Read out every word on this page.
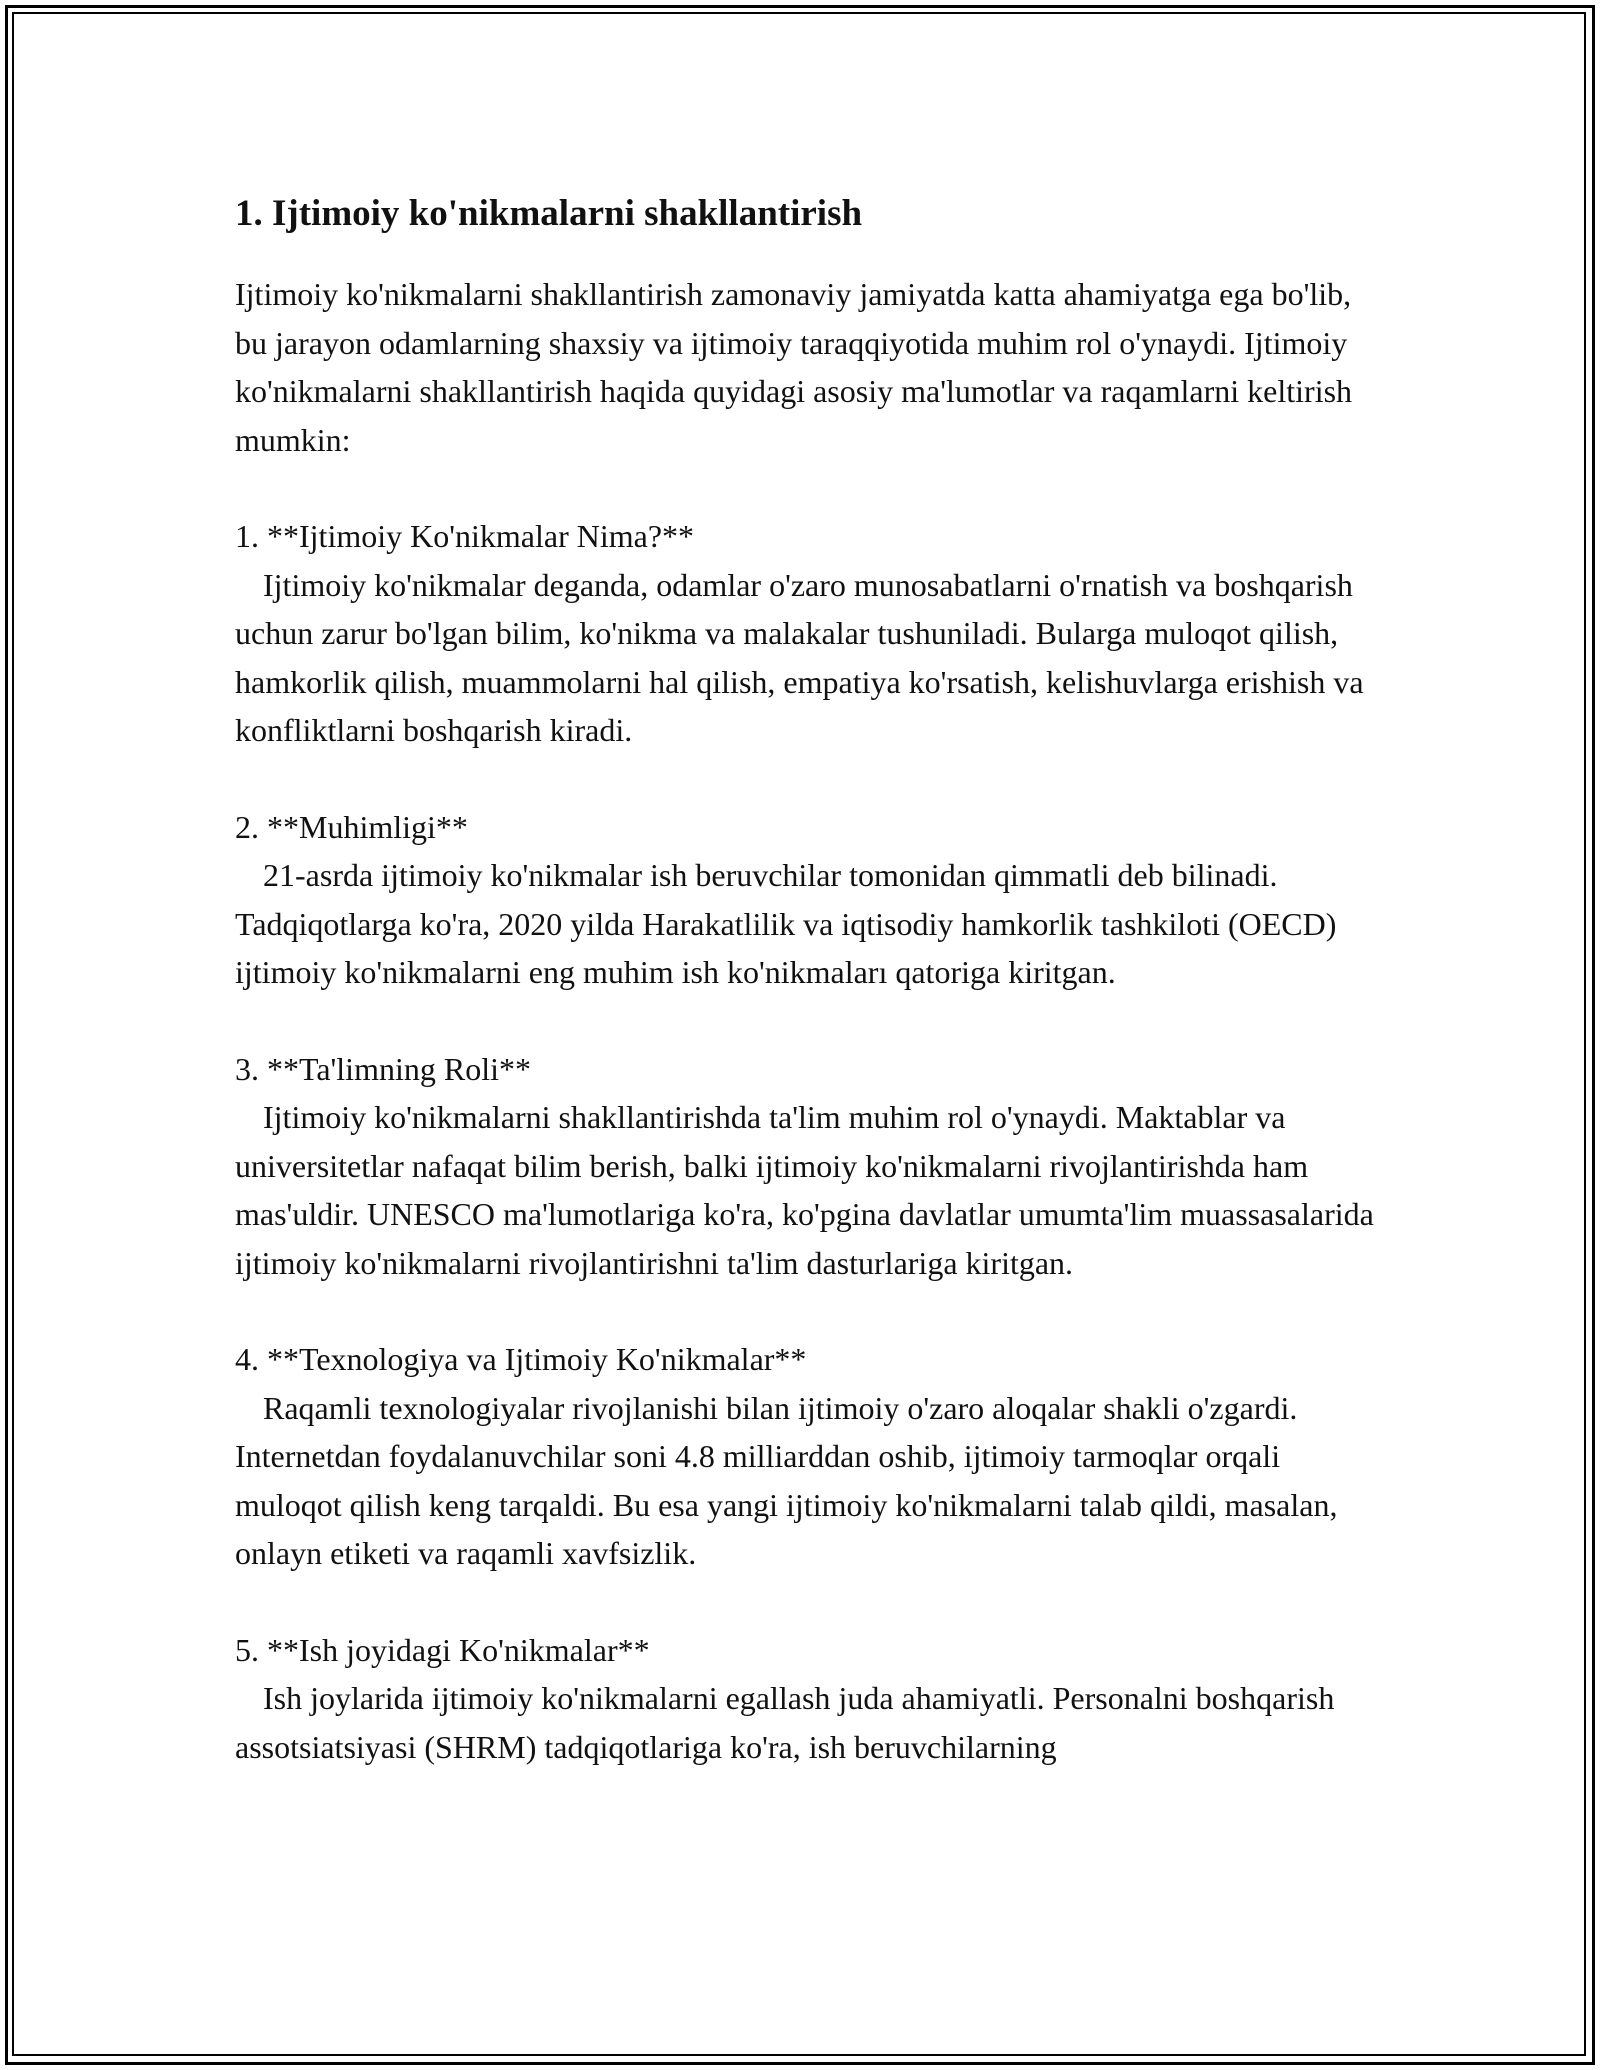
1. Ijtimoiy ko'nikmalarni shakllantirish

Ijtimoiy ko'nikmalarni shakllantirish zamonaviy jamiyatda katta ahamiyatga ega bo'lib, bu jarayon odamlarning shaxsiy va ijtimoiy taraqqiyotida muhim rol o'ynaydi. Ijtimoiy ko'nikmalarni shakllantirish haqida quyidagi asosiy ma'lumotlar va raqamlarni keltirish mumkin:

1. **Ijtimoiy Ko'nikmalar Nima?**

Ijtimoiy ko'nikmalar deganda, odamlar o'zaro munosabatlarni o'rnatish va boshqarish uchun zarur bo'lgan bilim, ko'nikma va malakalar tushuniladi. Bularga muloqot qilish, hamkorlik qilish, muammolarni hal qilish, empatiya ko'rsatish, kelishuvlarga erishish va konfliktlarni boshqarish kiradi.

2. **Muhimligi**

21-asrda ijtimoiy ko'nikmalar ish beruvchilar tomonidan qimmatli deb bilinadi. Tadqiqotlarga ko'ra, 2020 yilda Harakatlilik va iqtisodiy hamkorlik tashkiloti (OECD) ijtimoiy ko'nikmalarni eng muhim ish ko'nikmaları qatoriga kiritgan.

3. **Ta'limning Roli**

Ijtimoiy ko'nikmalarni shakllantirishda ta'lim muhim rol o'ynaydi. Maktablar va universitetlar nafaqat bilim berish, balki ijtimoiy ko'nikmalarni rivojlantirishda ham mas'uldir. UNESCO ma'lumotlariga ko'ra, ko'pgina davlatlar umumta'lim muassasalarida ijtimoiy ko'nikmalarni rivojlantirishni ta'lim dasturlariga kiritgan.

4. **Texnologiya va Ijtimoiy Ko'nikmalar**

Raqamli texnologiyalar rivojlanishi bilan ijtimoiy o'zaro aloqalar shakli o'zgardi. Internetdan foydalanuvchilar soni 4.8 milliarddan oshib, ijtimoiy tarmoqlar orqali muloqot qilish keng tarqaldi. Bu esa yangi ijtimoiy ko'nikmalarni talab qildi, masalan, onlayn etiketi va raqamli xavfsizlik.

5. **Ish joyidagi Ko'nikmalar**

Ish joylarida ijtimoiy ko'nikmalarni egallash juda ahamiyatli. Personalni boshqarish assotsiatsiyasi (SHRM) tadqiqotlariga ko'ra, ish beruvchilarning
